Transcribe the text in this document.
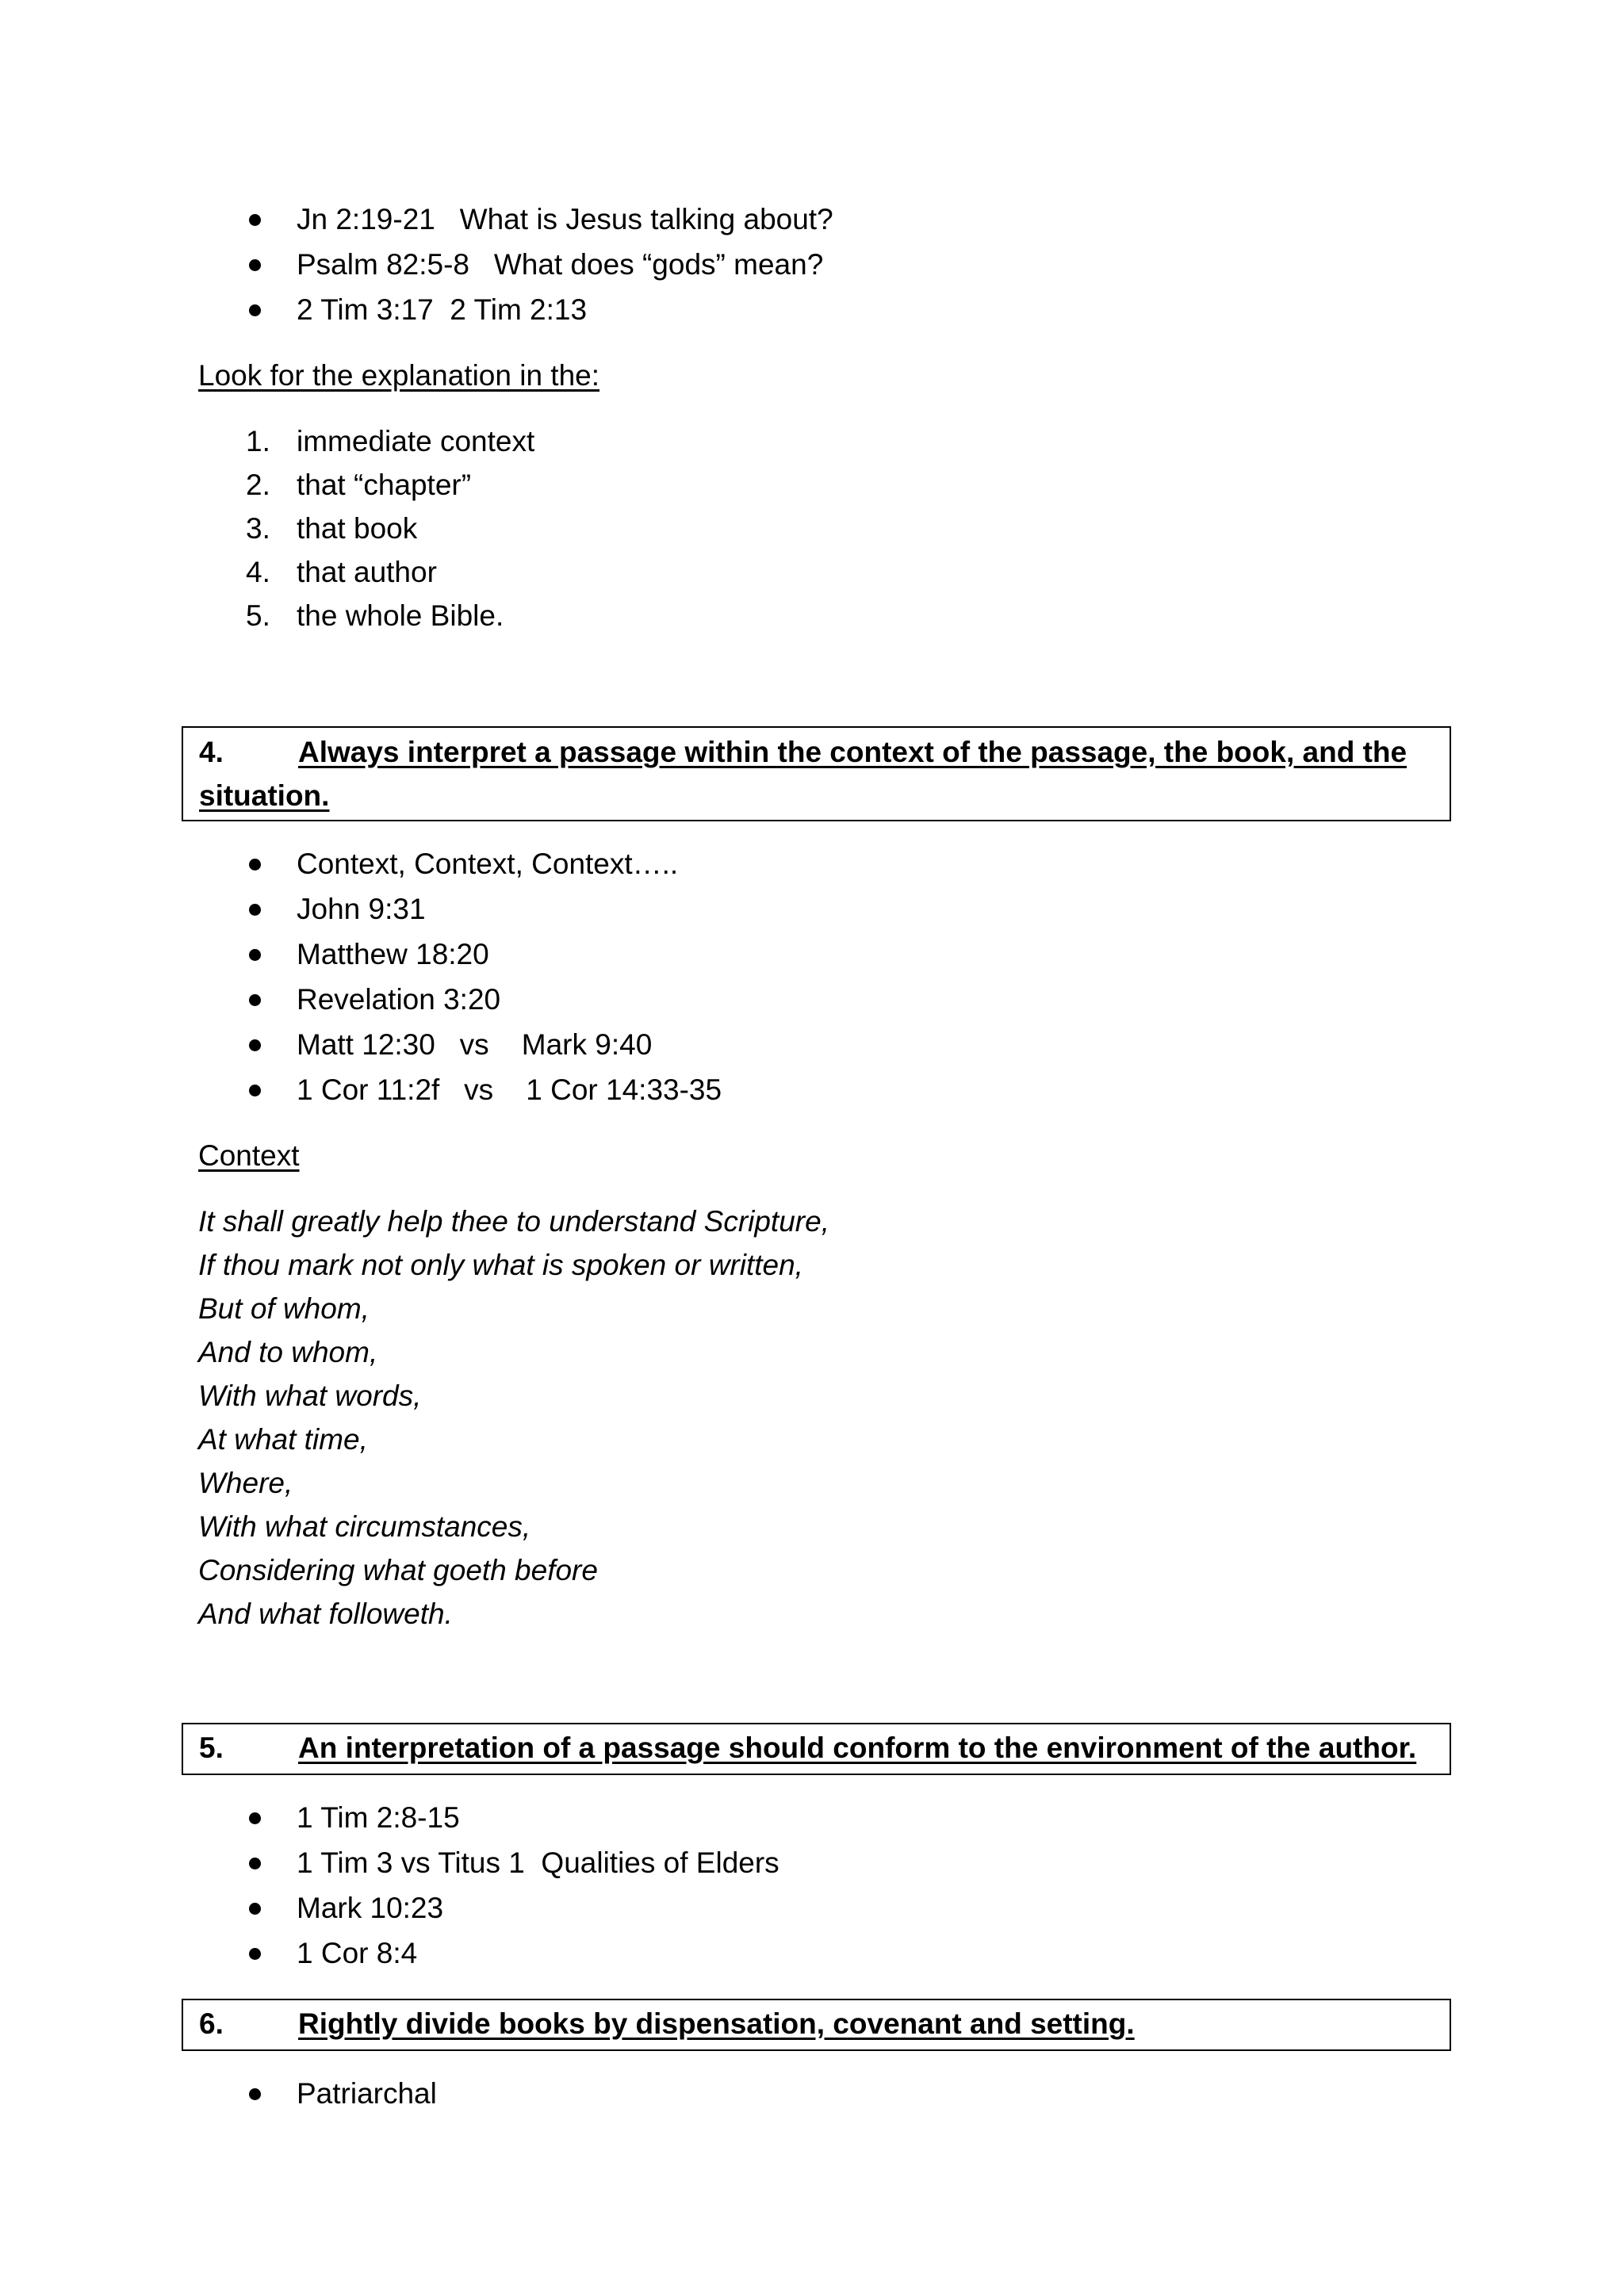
Jn 2:19-21   What is Jesus talking about?
Psalm 82:5-8   What does “gods” mean?
2 Tim 3:17  2 Tim 2:13
Look for the explanation in the:
1. immediate context
2. that “chapter”
3. that book
4. that author
5. the whole Bible.
4.	Always interpret a passage within the context of the passage, the book, and the
situation.
Context, Context, Context…..
John 9:31
Matthew 18:20
Revelation 3:20
Matt 12:30   vs    Mark 9:40
1 Cor 11:2f   vs    1 Cor 14:33-35
Context
It shall greatly help thee to understand Scripture,
If thou mark not only what is spoken or written,
But of whom,
And to whom,
With what words,
At what time,
Where,
With what circumstances,
Considering what goeth before
And what followeth.
5.	An interpretation of a passage should conform to the environment of the author.
1 Tim 2:8-15
1 Tim 3 vs Titus 1  Qualities of Elders
Mark 10:23
1 Cor 8:4
6.	Rightly divide books by dispensation, covenant and setting.
Patriarchal
